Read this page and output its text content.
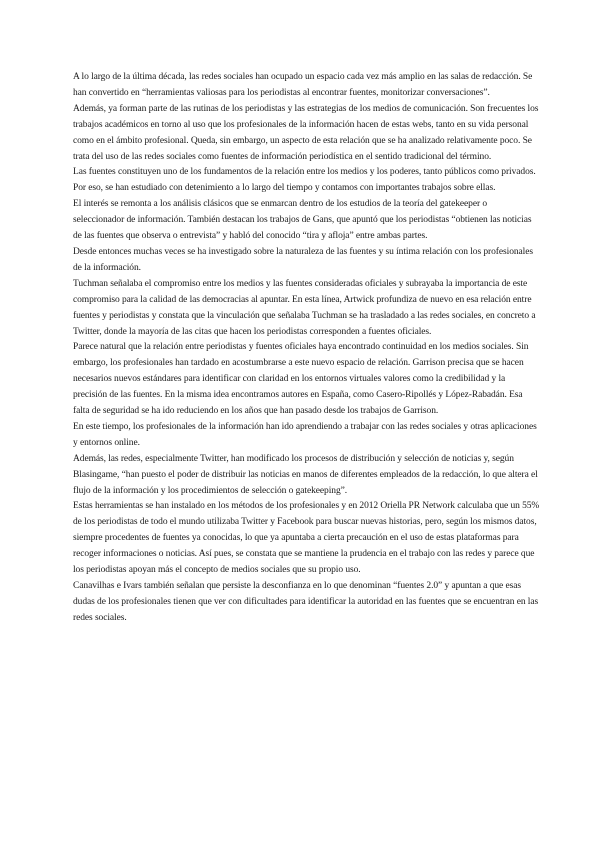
A lo largo de la última década, las redes sociales han ocupado un espacio cada vez más amplio en las salas de redacción. Se han convertido en “herramientas valiosas para los periodistas al encontrar fuentes, monitorizar conversaciones”.

Además, ya forman parte de las rutinas de los periodistas y las estrategias de los medios de comunicación. Son frecuentes los trabajos académicos en torno al uso que los profesionales de la información hacen de estas webs, tanto en su vida personal como en el ámbito profesional. Queda, sin embargo, un aspecto de esta relación que se ha analizado relativamente poco. Se trata del uso de las redes sociales como fuentes de información periodística en el sentido tradicional del término.

Las fuentes constituyen uno de los fundamentos de la relación entre los medios y los poderes, tanto públicos como privados. Por eso, se han estudiado con detenimiento a lo largo del tiempo y contamos con importantes trabajos sobre ellas.

El interés se remonta a los análisis clásicos que se enmarcan dentro de los estudios de la teoría del gatekeeper o seleccionador de información. También destacan los trabajos de Gans, que apuntó que los periodistas “obtienen las noticias de las fuentes que observa o entrevista” y habló del conocido “tira y afloja” entre ambas partes.

Desde entonces muchas veces se ha investigado sobre la naturaleza de las fuentes y su íntima relación con los profesionales de la información.

Tuchman señalaba el compromiso entre los medios y las fuentes consideradas oficiales y subrayaba la importancia de este compromiso para la calidad de las democracias al apuntar. En esta línea, Artwick profundiza de nuevo en esa relación entre fuentes y periodistas y constata que la vinculación que señalaba Tuchman se ha trasladado a las redes sociales, en concreto a Twitter, donde la mayoría de las citas que hacen los periodistas corresponden a fuentes oficiales.

Parece natural que la relación entre periodistas y fuentes oficiales haya encontrado continuidad en los medios sociales. Sin embargo, los profesionales han tardado en acostumbrarse a este nuevo espacio de relación. Garrison precisa que se hacen necesarios nuevos estándares para identificar con claridad en los entornos virtuales valores como la credibilidad y la precisión de las fuentes. En la misma idea encontramos autores en España, como Casero-Ripollés y López-Rabadán. Esa falta de seguridad se ha ido reduciendo en los años que han pasado desde los trabajos de Garrison.

En este tiempo, los profesionales de la información han ido aprendiendo a trabajar con las redes sociales y otras aplicaciones y entornos online.

Además, las redes, especialmente Twitter, han modificado los procesos de distribución y selección de noticias y, según Blasingame, “han puesto el poder de distribuir las noticias en manos de diferentes empleados de la redacción, lo que altera el flujo de la información y los procedimientos de selección o gatekeeping”.

Estas herramientas se han instalado en los métodos de los profesionales y en 2012 Oriella PR Network calculaba que un 55% de los periodistas de todo el mundo utilizaba Twitter y Facebook para buscar nuevas historias, pero, según los mismos datos, siempre procedentes de fuentes ya conocidas, lo que ya apuntaba a cierta precaución en el uso de estas plataformas para recoger informaciones o noticias. Así pues, se constata que se mantiene la prudencia en el trabajo con las redes y parece que los periodistas apoyan más el concepto de medios sociales que su propio uso.

Canavilhas e Ivars también señalan que persiste la desconfianza en lo que denominan “fuentes 2.0” y apuntan a que esas dudas de los profesionales tienen que ver con dificultades para identificar la autoridad en las fuentes que se encuentran en las redes sociales.
